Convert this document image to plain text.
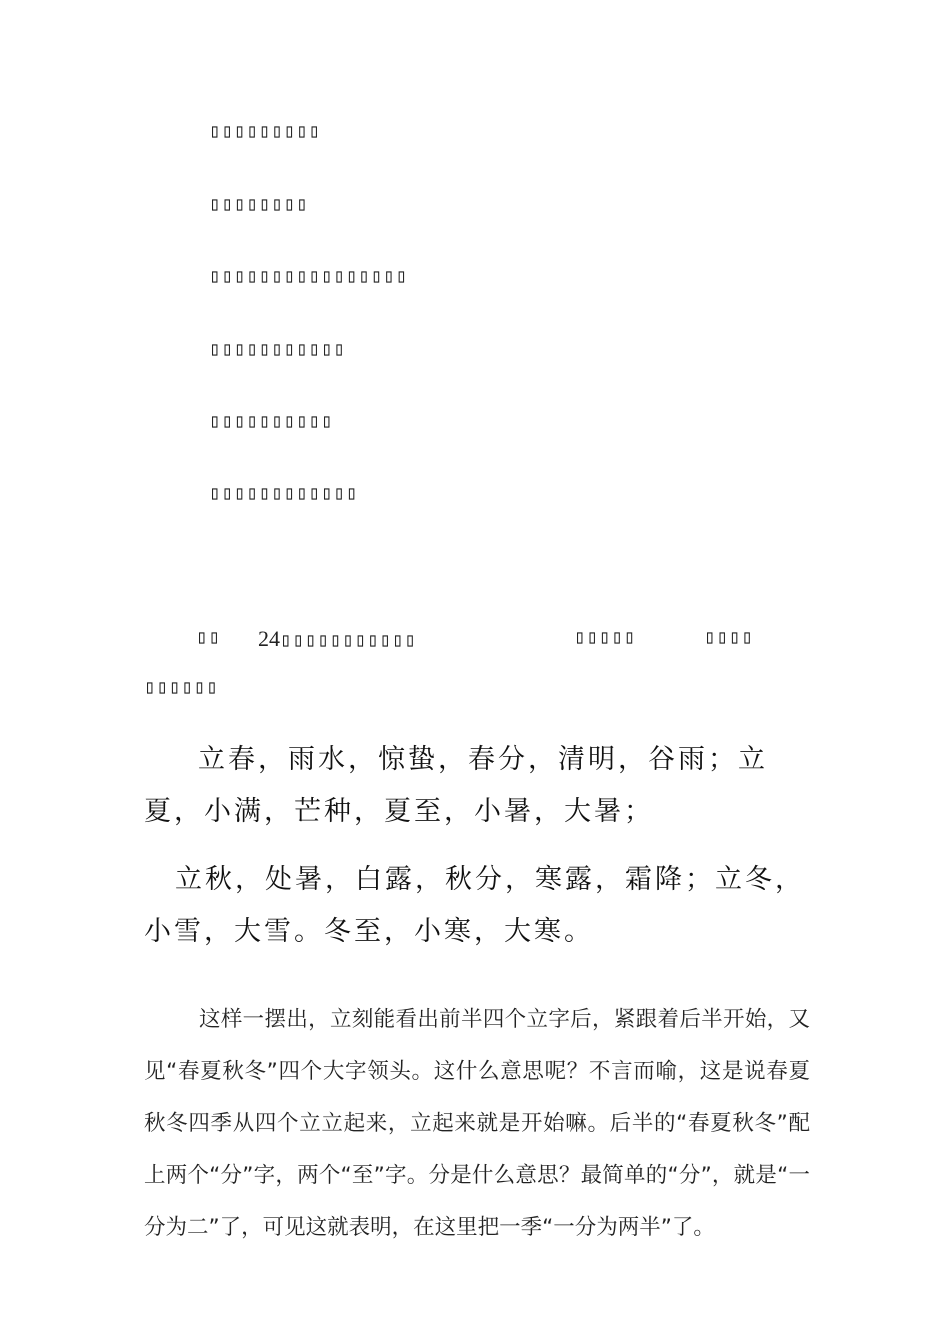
▯▯▯▯▯▯▯▯▯
▯▯▯▯▯▯▯▯
▯▯▯▯▯▯▯▯▯▯▯▯▯▯▯▯
▯▯▯▯▯▯▯▯▯▯▯
▯▯▯▯▯▯▯▯▯▯
▯▯▯▯▯▯▯▯▯▯▯▯
▯▯ 24▯▯▯▯▯▯▯▯▯▯▯	▯▯▯▯▯	▯▯▯▯
▯▯▯▯▯▯
立春，雨水，惊蛰，春分，清明，谷雨；立夏，小满，芒种，夏至，小暑，大暑；
立秋，处暑，白露，秋分，寒露，霜降；立冬，小雪，大雪。冬至，小寒，大寒。
这样一摆出，立刻能看出前半四个立字后，紧跟着后半开始，又见“春夏秋冬”四个大字领头。这什么意思呢？不言而喻，这是说春夏秋冬四季从四个立立起来，立起来就是开始嘛。后半的“春夏秋冬”配上两个“分”字，两个“至”字。分是什么意思？最简单的“分”，就是“一分为二”了，可见这就表明，在这里把一季“一分为两半”了。
